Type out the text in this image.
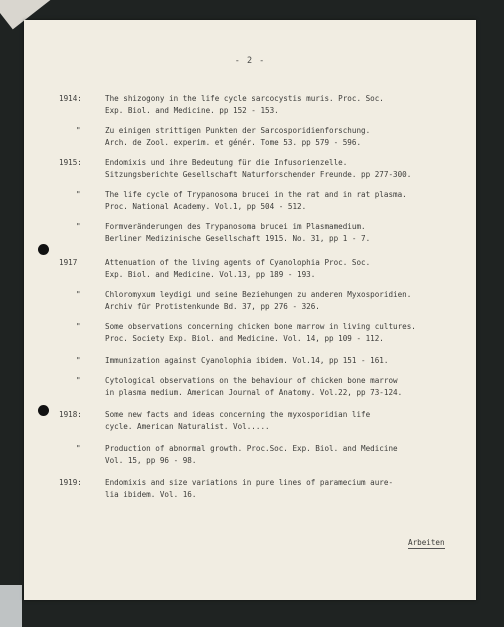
- 2 -
1914:	The shizogony in the life cycle sarcocystis muris. Proc. Soc.
Exp. Biol. and Medicine. pp 152 - 153.
"	Zu einigen strittigen Punkten der Sarcosporidienforschung.
Arch. de Zool. experim. et génér. Tome 53. pp 579 - 596.
1915:	Endomixis und ihre Bedeutung für die Infusorienzelle.
Sitzungsberichte Gesellschaft Naturforschender Freunde. pp 277-300.
"	The life cycle of Trypanosoma brucei in the rat and in rat plasma.
Proc. National Academy. Vol.1, pp 504 - 512.
"	Formveränderungen des Trypanosoma brucei im Plasmamedium.
Berliner Medizinische Gesellschaft 1915. No. 31, pp 1 - 7.
1917	Attenuation of the living agents of Cyanolophia Proc. Soc.
Exp. Biol. and Medicine. Vol.13, pp 189 - 193.
"	Chloromyxum leydigi und seine Beziehungen zu anderen Myxosporidien.
Archiv für Protistenkunde Bd. 37, pp 276 - 326.
"	Some observations concerning chicken bone marrow in living cultures.
Proc. Society Exp. Biol. and Medicine. Vol. 14, pp 109 - 112.
"	Immunization against Cyanolophia ibidem. Vol.14, pp 151 - 161.
"	Cytological observations on the behaviour of chicken bone marrow
in plasma medium. American Journal of Anatomy. Vol.22, pp 73-124.
1918:	Some new facts and ideas concerning the myxosporidian life
cycle. American Naturalist. Vol.....
"	Production of abnormal growth. Proc.Soc. Exp. Biol. and Medicine
Vol. 15, pp 96 - 98.
1919:	Endomixis and size variations in pure lines of paramecium aure-
lia ibidem. Vol. 16.
Arbeiten
